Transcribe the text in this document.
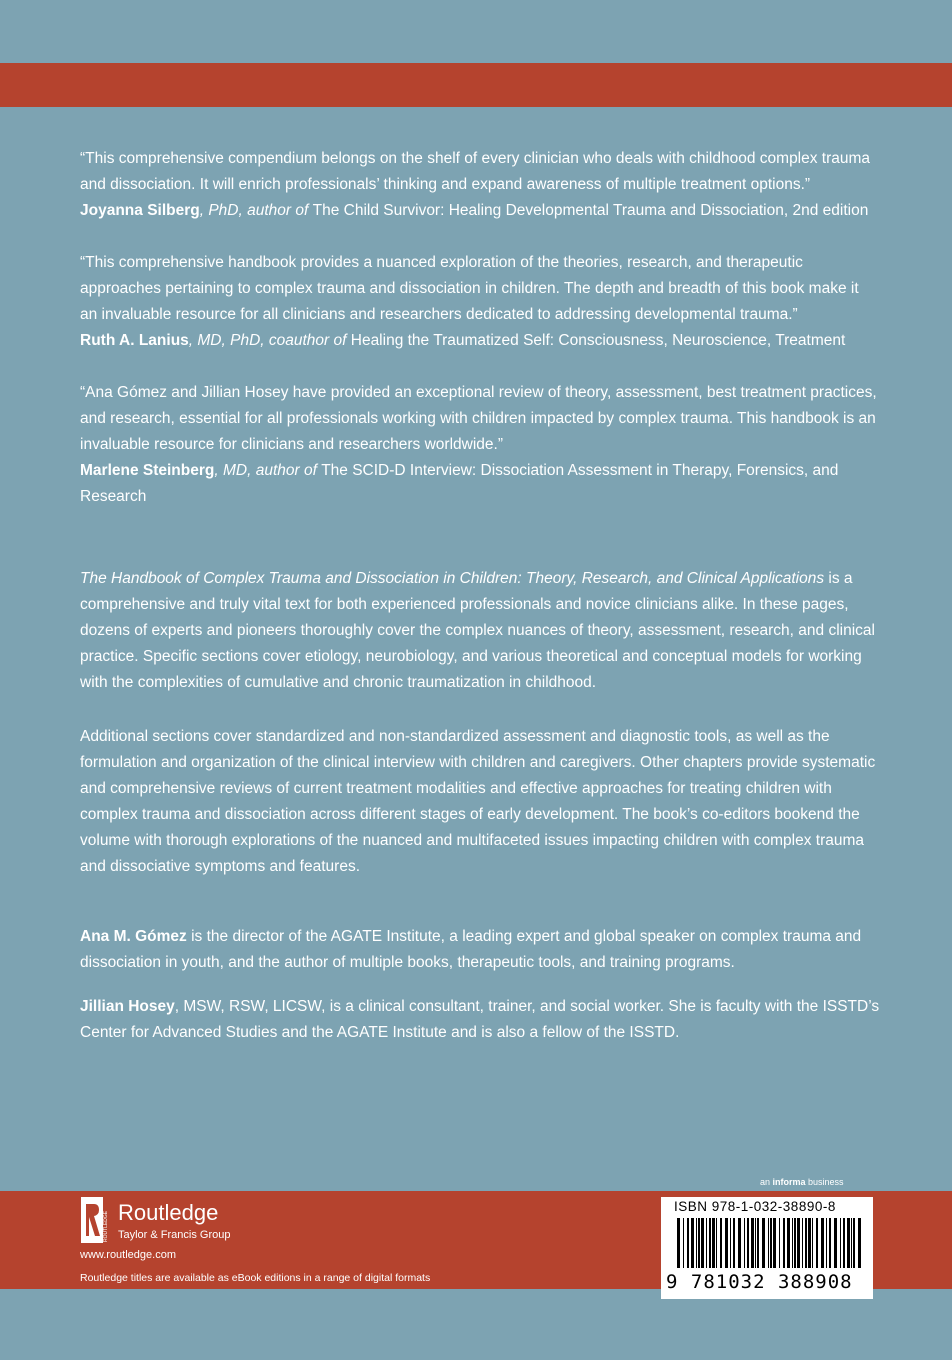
“This comprehensive compendium belongs on the shelf of every clinician who deals with childhood complex trauma and dissociation. It will enrich professionals’ thinking and expand awareness of multiple treatment options.”

Joyanna Silberg, PhD, author of The Child Survivor: Healing Developmental Trauma and Dissociation, 2nd edition

“This comprehensive handbook provides a nuanced exploration of the theories, research, and therapeutic approaches pertaining to complex trauma and dissociation in children. The depth and breadth of this book make it an invaluable resource for all clinicians and researchers dedicated to addressing developmental trauma.”

Ruth A. Lanius, MD, PhD, coauthor of Healing the Traumatized Self: Consciousness, Neuroscience, Treatment

“Ana Gómez and Jillian Hosey have provided an exceptional review of theory, assessment, best treatment practices, and research, essential for all professionals working with children impacted by complex trauma. This handbook is an invaluable resource for clinicians and researchers worldwide.”

Marlene Steinberg, MD, author of The SCID-D Interview: Dissociation Assessment in Therapy, Forensics, and Research

The Handbook of Complex Trauma and Dissociation in Children: Theory, Research, and Clinical Applications is a comprehensive and truly vital text for both experienced professionals and novice clinicians alike. In these pages, dozens of experts and pioneers thoroughly cover the complex nuances of theory, assessment, research, and clinical practice. Specific sections cover etiology, neurobiology, and various theoretical and conceptual models for working with the complexities of cumulative and chronic traumatization in childhood.

Additional sections cover standardized and non-standardized assessment and diagnostic tools, as well as the formulation and organization of the clinical interview with children and caregivers. Other chapters provide systematic and comprehensive reviews of current treatment modalities and effective approaches for treating children with complex trauma and dissociation across different stages of early development. The book’s co-editors bookend the volume with thorough explorations of the nuanced and multifaceted issues impacting children with complex trauma and dissociative symptoms and features.

Ana M. Gómez is the director of the AGATE Institute, a leading expert and global speaker on complex trauma and dissociation in youth, and the author of multiple books, therapeutic tools, and training programs.

Jillian Hosey, MSW, RSW, LICSW, is a clinical consultant, trainer, and social worker. She is faculty with the ISSTD’s Center for Advanced Studies and the AGATE Institute and is also a fellow of the ISSTD.

an informa business
ROUTLEDGE Routledge
Taylor & Francis Group
www.routledge.com
Routledge titles are available as eBook editions in a range of digital formats
ISBN 978-1-032-38890-8
9 781032 388908
